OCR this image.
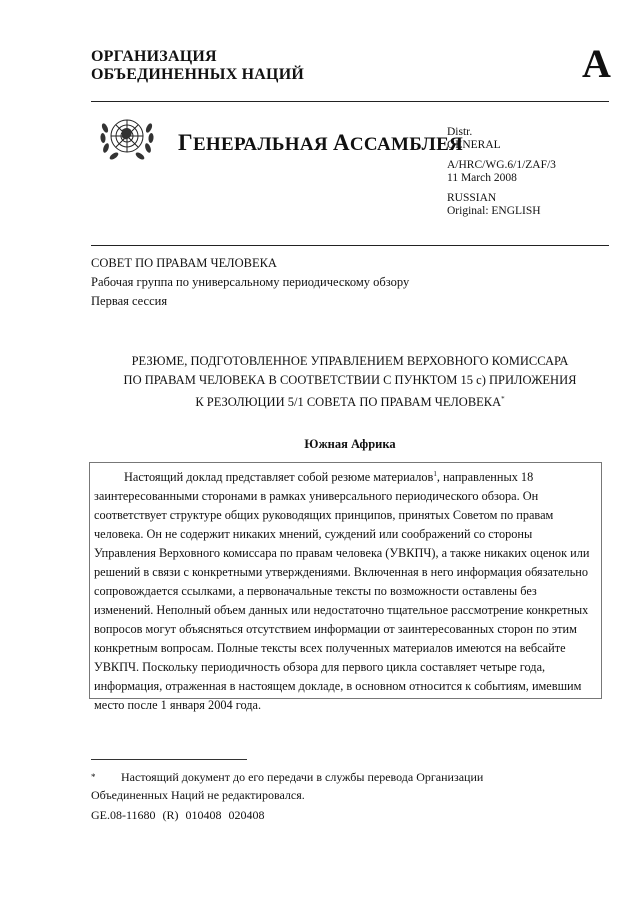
ОРГАНИЗАЦИЯ
ОБЪЕДИНЕННЫХ НАЦИЙ	A
ГЕНЕРАЛЬНАЯ АССАМБЛЕЯ
Distr.
GENERAL
A/HRC/WG.6/1/ZAF/3
11 March 2008
RUSSIAN
Original: ENGLISH
СОВЕТ ПО ПРАВАМ ЧЕЛОВЕКА
Рабочая группа по универсальному периодическому обзору
Первая сессия
РЕЗЮМЕ, ПОДГОТОВЛЕННОЕ УПРАВЛЕНИЕМ ВЕРХОВНОГО КОМИССАРА
ПО ПРАВАМ ЧЕЛОВЕКА В СООТВЕТСТВИИ С ПУНКТОМ 15 с) ПРИЛОЖЕНИЯ
К РЕЗОЛЮЦИИ 5/1 СОВЕТА ПО ПРАВАМ ЧЕЛОВЕКА*
Южная Африка

Настоящий доклад представляет собой резюме материалов$^1$, направленных 18 заинтересованными сторонами в рамках универсального периодического обзора. Он соответствует структуре общих руководящих принципов, принятых Советом по правам человека. Он не содержит никаких мнений, суждений или соображений со стороны Управления Верховного комиссара по правам человека (УВКПЧ), а также никаких оценок или решений в связи с конкретными утверждениями. Включенная в него информация обязательно сопровождается ссылками, а первоначальные тексты по возможности оставлены без изменений. Неполный объем данных или недостаточно тщательное рассмотрение конкретных вопросов могут объясняться отсутствием информации от заинтересованных сторон по этим конкретным вопросам. Полные тексты всех полученных материалов имеются на вебсайте УВКПЧ. Поскольку периодичность обзора для первого цикла составляет четыре года, информация, отраженная в настоящем докладе, в основном относится к событиям, имевшим место после 1 января 2004 года.

* Настоящий документ до его передачи в службы перевода Организации Объединенных Наций не редактировался.
GE.08-11680 (R) 010408 020408
